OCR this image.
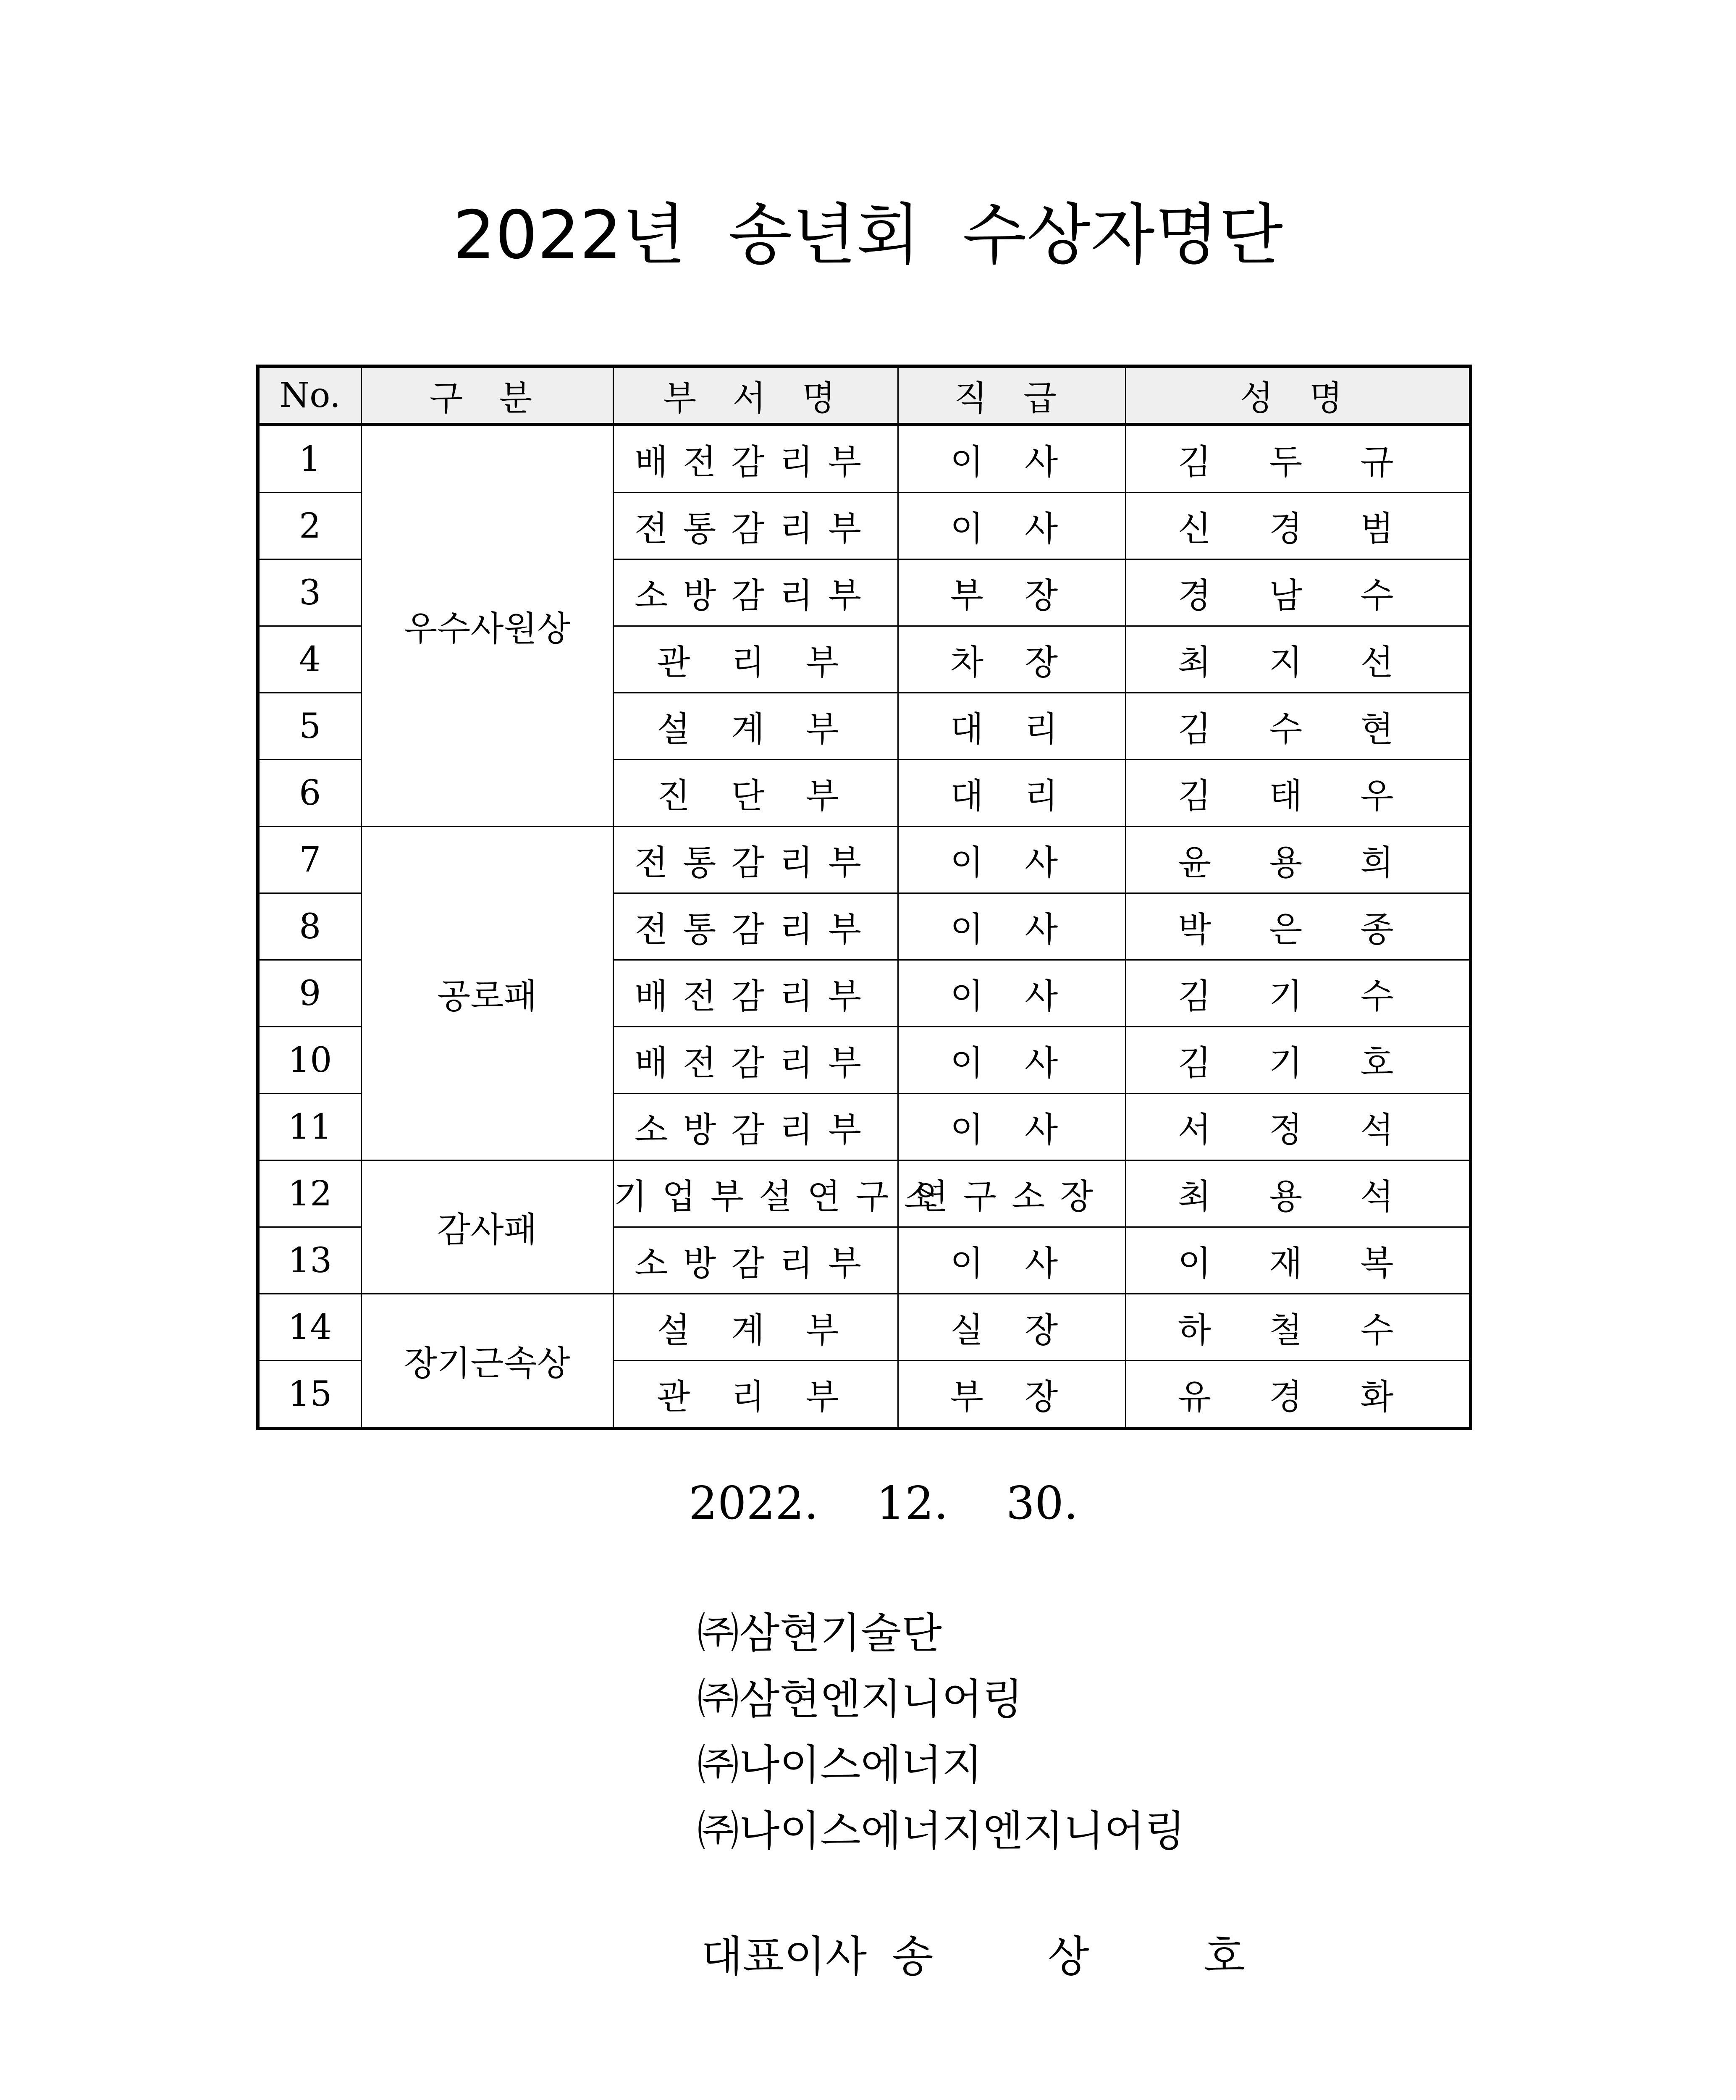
2022년 송년회 수상자명단
No.	구 분	부 서 명	직 급	성 명
1	우수사원상	배전감리부	이 사	김 두 규
2		전통감리부	이 사	신 경 범
3		소방감리부	부 장	경 남 수
4		관 리 부	차 장	최 지 선
5		설 계 부	대 리	김 수 현
6		진 단 부	대 리	김 태 우
7	공로패	전통감리부	이 사	윤 용 희
8		전통감리부	이 사	박 은 종
9		배전감리부	이 사	김 기 수
10		배전감리부	이 사	김 기 호
11		소방감리부	이 사	서 정 석
12	감사패	기업부설연구소	연구소장	최 용 석
13		소방감리부	이 사	이 재 복
14	장기근속상	설 계 부	실 장	하 철 수
15		관 리 부	부 장	유 경 화
2022.    12.    30.
㈜삼현기술단
㈜삼현엔지니어링
㈜나이스에너지
㈜나이스에너지엔지니어링
대표이사 송 상 호
